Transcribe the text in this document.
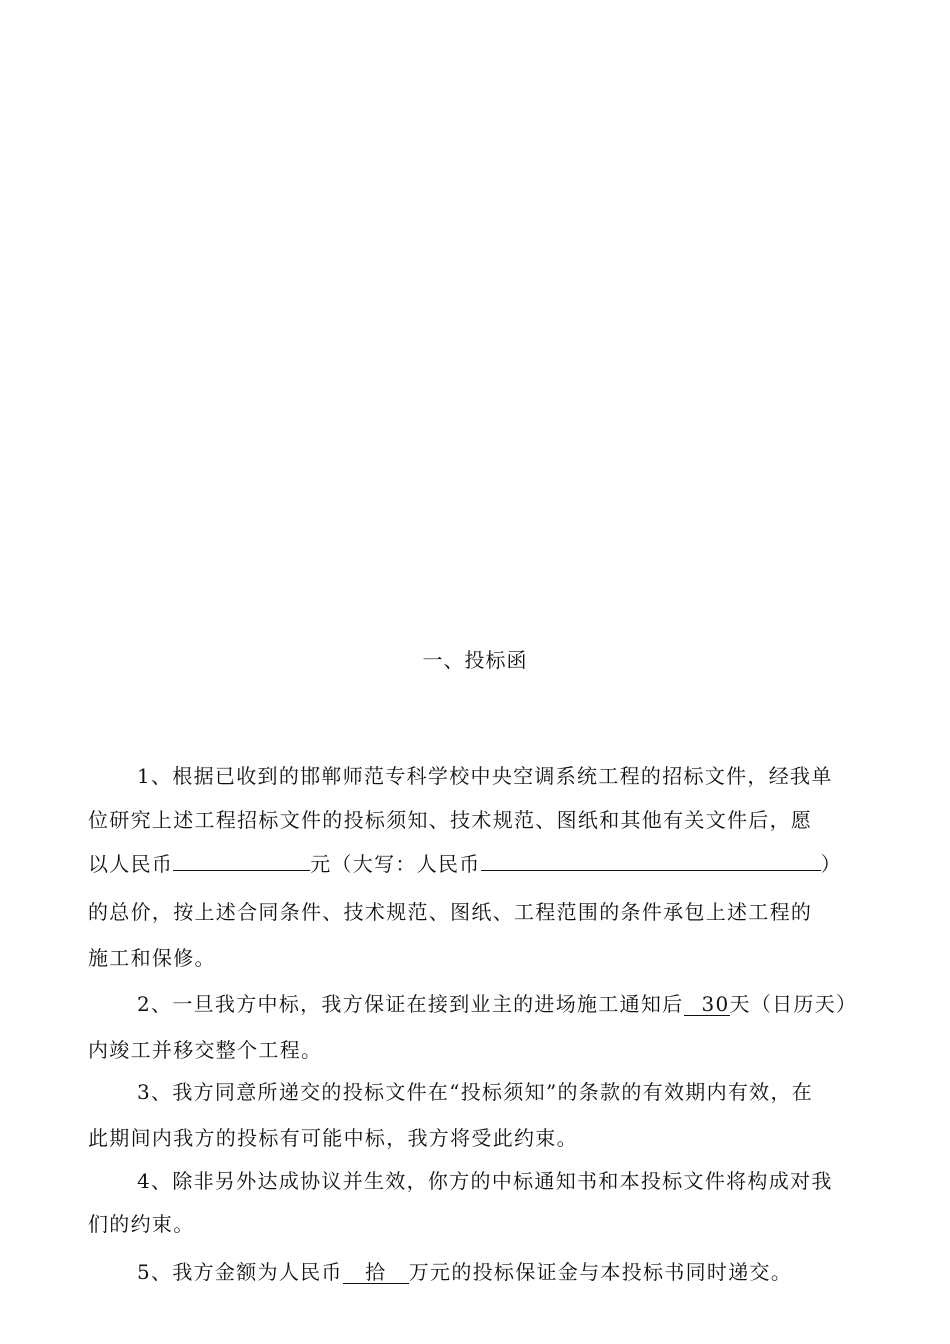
一、投标函
1、根据已收到的邯郸师范专科学校中央空调系统工程的招标文件，经我单
位研究上述工程招标文件的投标须知、技术规范、图纸和其他有关文件后，愿
以人民币	元（大写：人民币	）
的总价，按上述合同条件、技术规范、图纸、工程范围的条件承包上述工程的
施工和保修。
2、一旦我方中标，我方保证在接到业主的进场施工通知后 30天（日历天）
内竣工并移交整个工程。
3、我方同意所递交的投标文件在“投标须知”的条款的有效期内有效，在
此期间内我方的投标有可能中标，我方将受此约束。
4、除非另外达成协议并生效，你方的中标通知书和本投标文件将构成对我
们的约束。
5、我方金额为人民币 拾 万元的投标保证金与本投标书同时递交。
